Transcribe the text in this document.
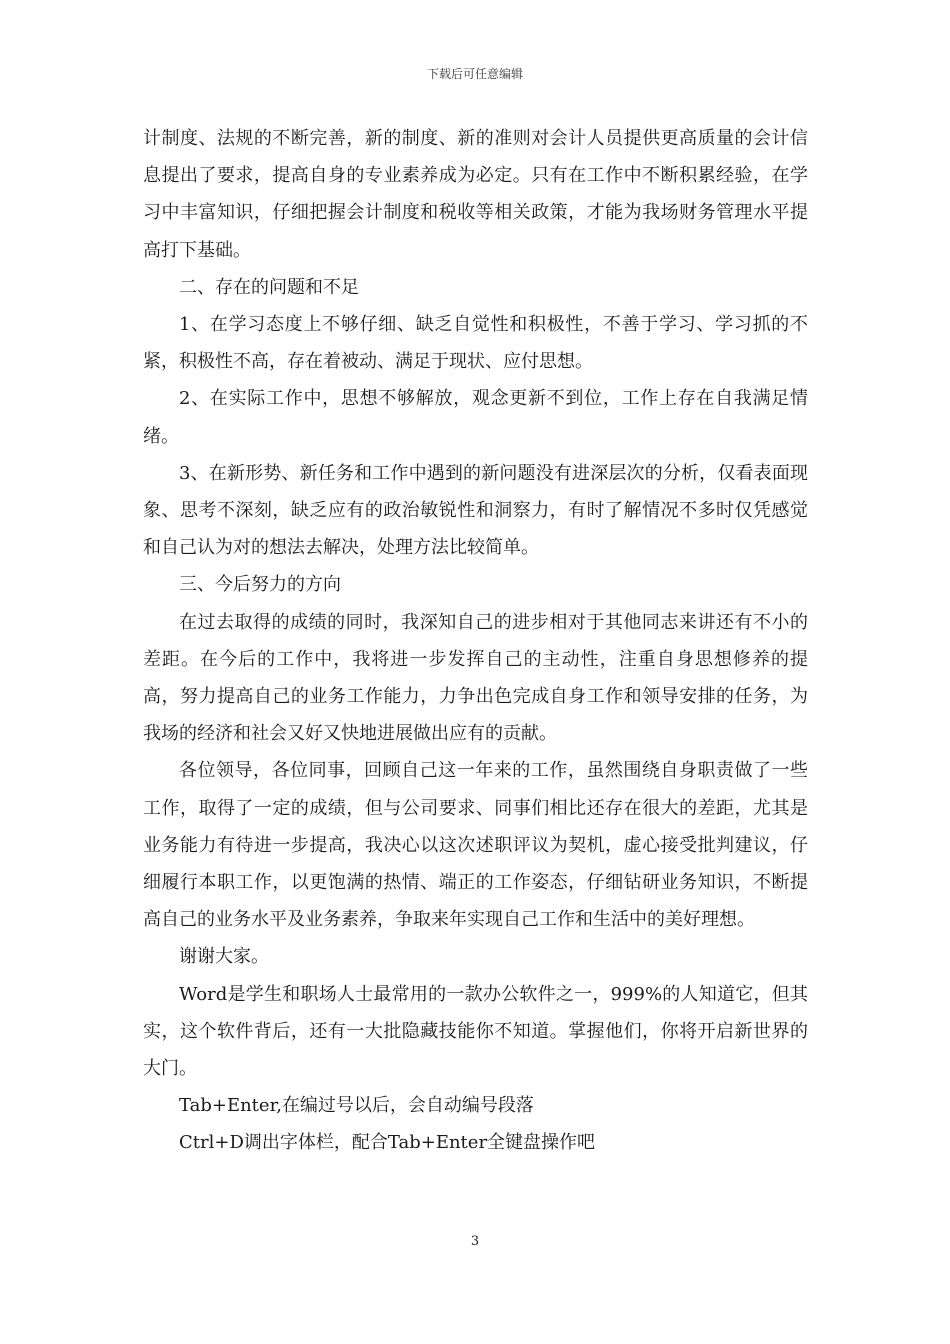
下载后可任意编辑

计制度、法规的不断完善，新的制度、新的准则对会计人员提供更高质量的会计信息提出了要求，提高自身的专业素养成为必定。只有在工作中不断积累经验，在学习中丰富知识，仔细把握会计制度和税收等相关政策，才能为我场财务管理水平提高打下基础。

二、存在的问题和不足

1、在学习态度上不够仔细、缺乏自觉性和积极性，不善于学习、学习抓的不紧，积极性不高，存在着被动、满足于现状、应付思想。

2、在实际工作中，思想不够解放，观念更新不到位，工作上存在自我满足情绪。

3、在新形势、新任务和工作中遇到的新问题没有进深层次的分析，仅看表面现象、思考不深刻，缺乏应有的政治敏锐性和洞察力，有时了解情况不多时仅凭感觉和自己认为对的想法去解决，处理方法比较简单。

三、今后努力的方向

在过去取得的成绩的同时，我深知自己的进步相对于其他同志来讲还有不小的差距。在今后的工作中，我将进一步发挥自己的主动性，注重自身思想修养的提高，努力提高自己的业务工作能力，力争出色完成自身工作和领导安排的任务，为我场的经济和社会又好又快地进展做出应有的贡献。

各位领导，各位同事，回顾自己这一年来的工作，虽然围绕自身职责做了一些工作，取得了一定的成绩，但与公司要求、同事们相比还存在很大的差距，尤其是业务能力有待进一步提高，我决心以这次述职评议为契机，虚心接受批判建议，仔细履行本职工作，以更饱满的热情、端正的工作姿态，仔细钻研业务知识，不断提高自己的业务水平及业务素养，争取来年实现自己工作和生活中的美好理想。

谢谢大家。

Word是学生和职场人士最常用的一款办公软件之一，999%的人知道它，但其实，这个软件背后，还有一大批隐藏技能你不知道。掌握他们，你将开启新世界的大门。

Tab+Enter,在编过号以后，会自动编号段落

Ctrl+D调出字体栏，配合Tab+Enter全键盘操作吧

3
